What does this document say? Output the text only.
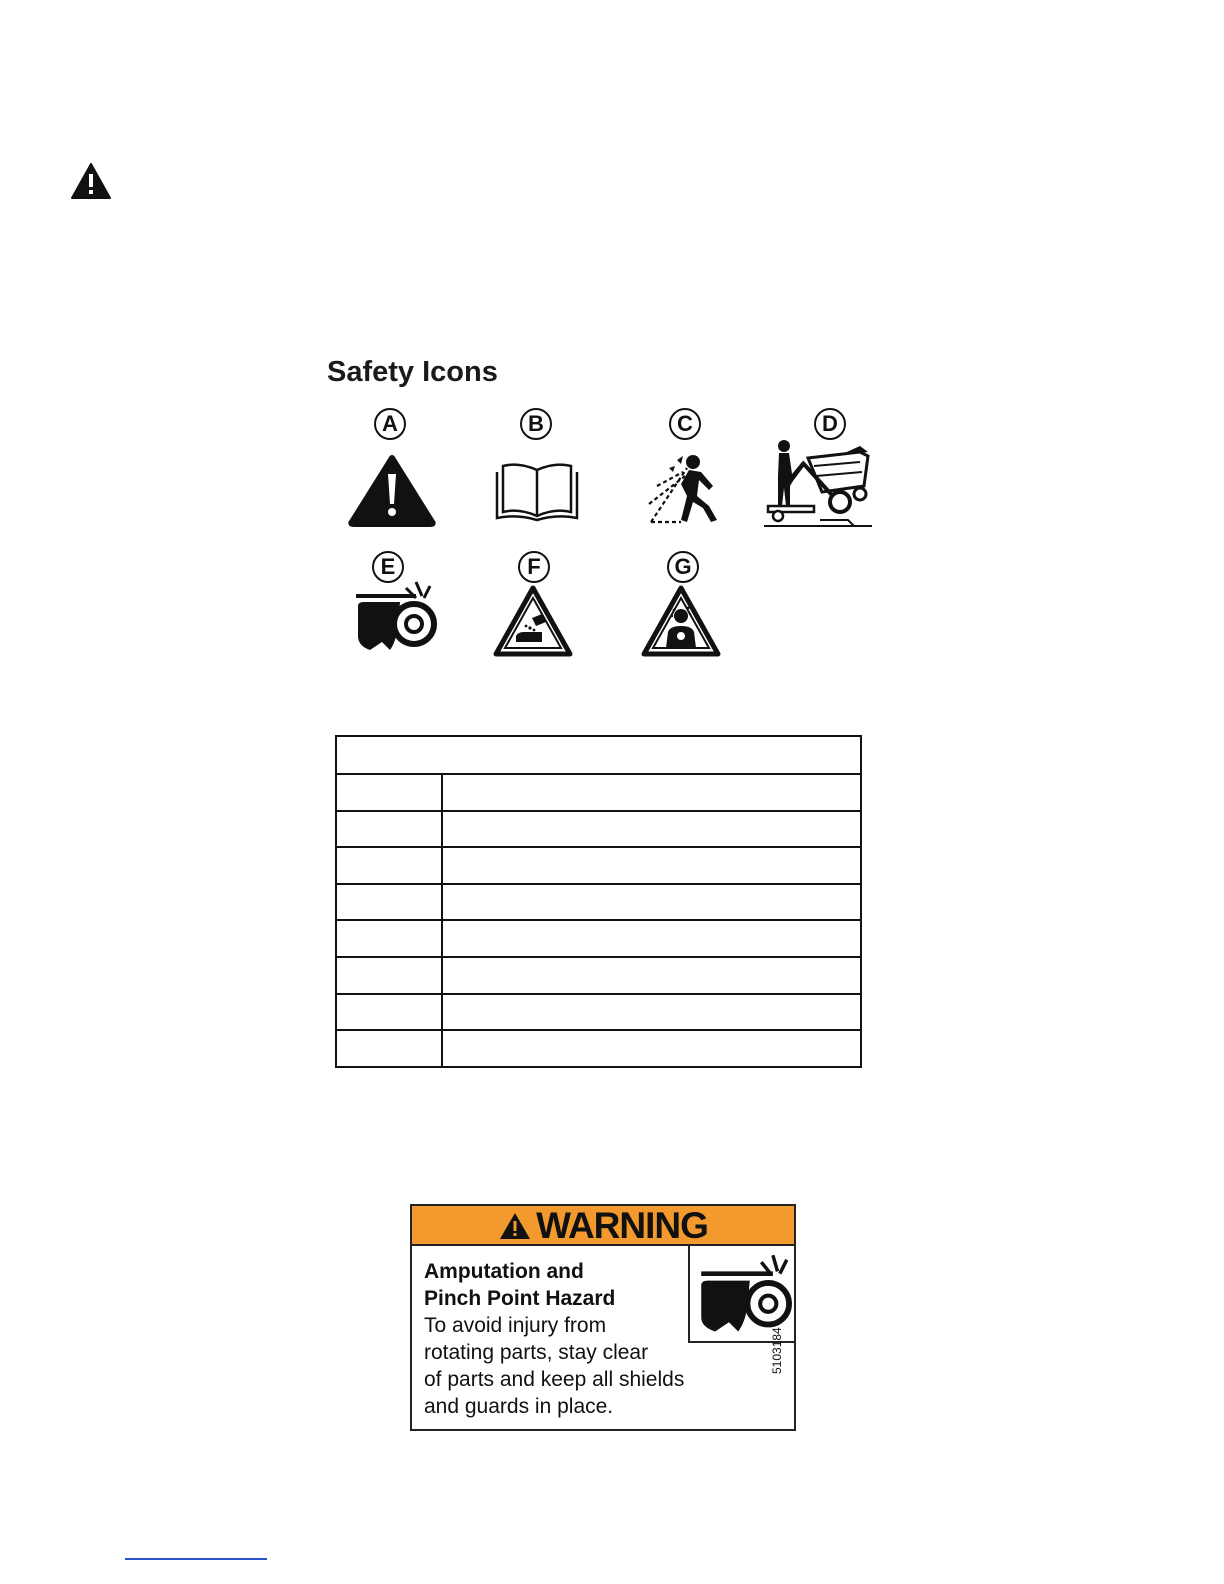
Safety Icons
A	B	C	D
E	F	G

WARNING
Amputation and
Pinch Point Hazard
To avoid injury from
rotating parts, stay clear
of parts and keep all shields
and guards in place.
5103184
